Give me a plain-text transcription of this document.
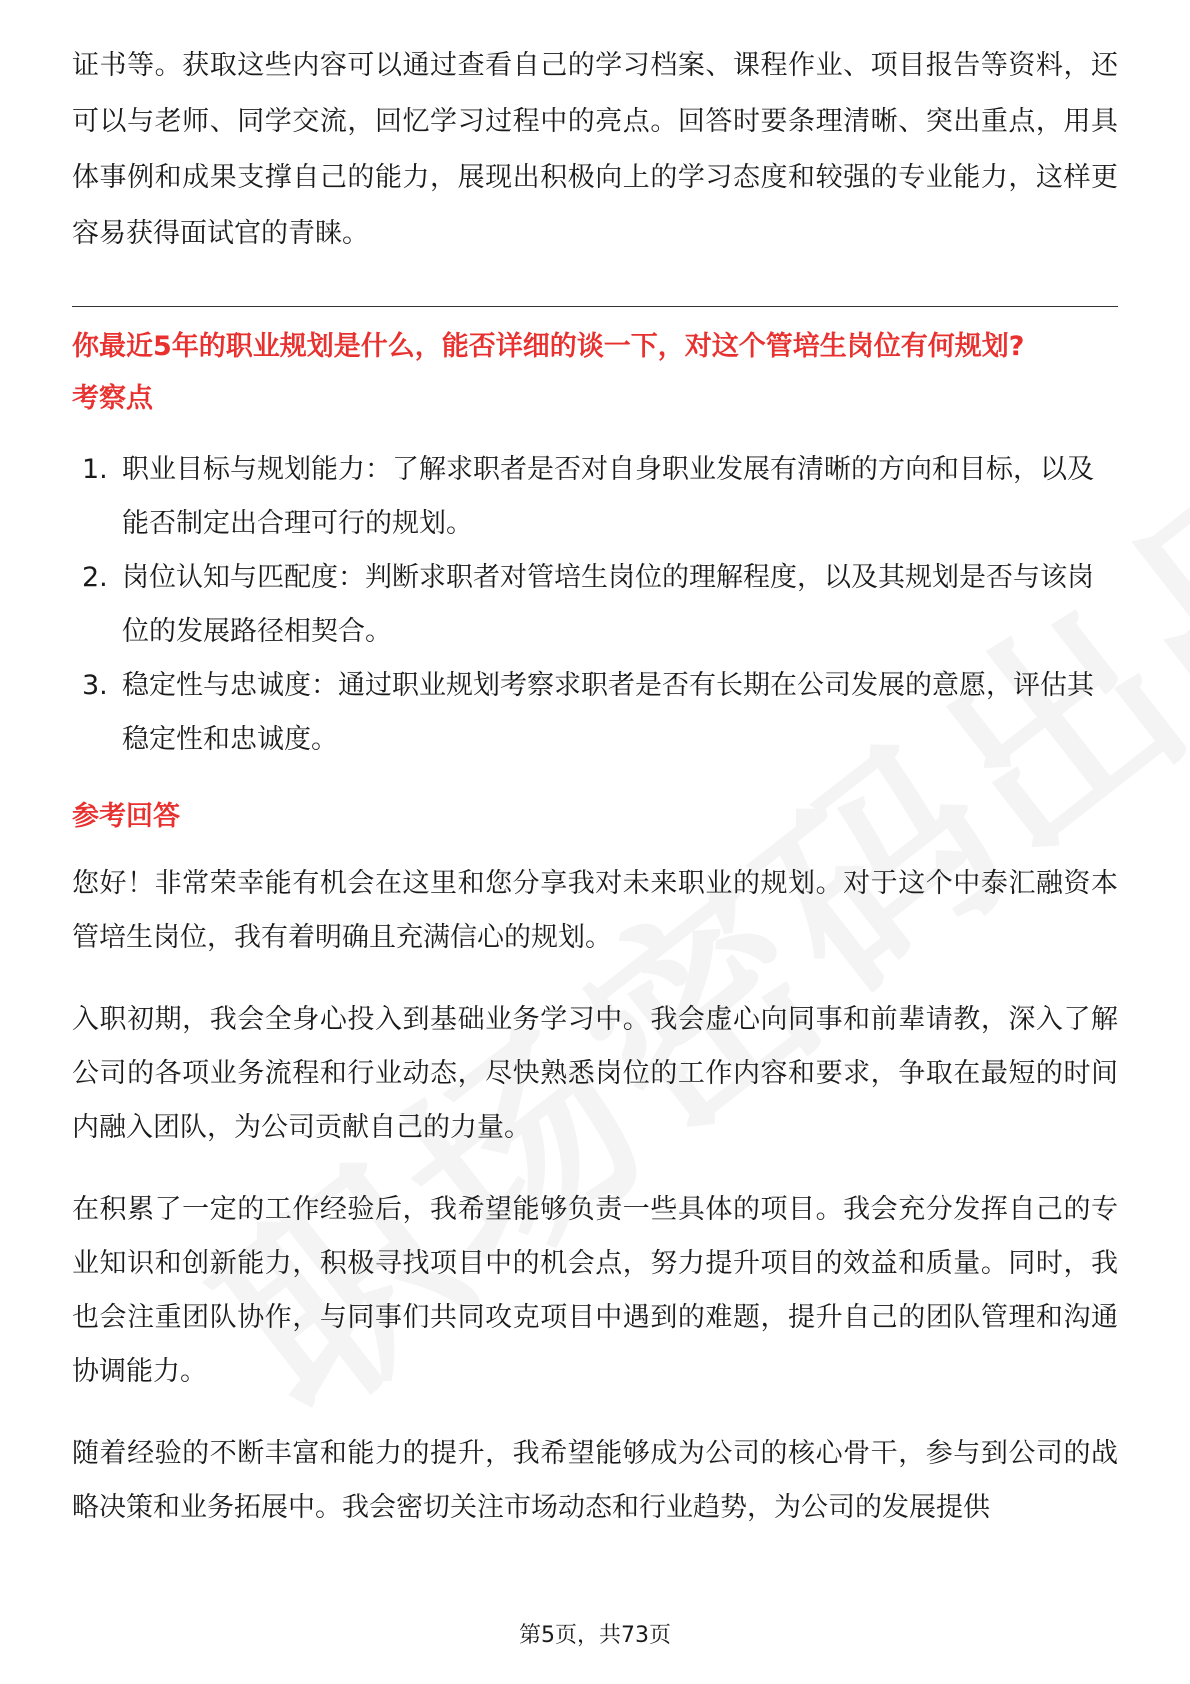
证书等。获取这些内容可以通过查看自己的学习档案、课程作业、项目报告等资料，还可以与老师、同学交流，回忆学习过程中的亮点。回答时要条理清晰、突出重点，用具体事例和成果支撑自己的能力，展现出积极向上的学习态度和较强的专业能力，这样更容易获得面试官的青睐。

你最近5年的职业规划是什么，能否详细的谈一下，对这个管培生岗位有何规划?

考察点

1. 职业目标与规划能力：了解求职者是否对自身职业发展有清晰的方向和目标，以及能否制定出合理可行的规划。
2. 岗位认知与匹配度：判断求职者对管培生岗位的理解程度，以及其规划是否与该岗位的发展路径相契合。
3. 稳定性与忠诚度：通过职业规划考察求职者是否有长期在公司发展的意愿，评估其稳定性和忠诚度。

参考回答

您好！非常荣幸能有机会在这里和您分享我对未来职业的规划。对于这个中泰汇融资本管培生岗位，我有着明确且充满信心的规划。

入职初期，我会全身心投入到基础业务学习中。我会虚心向同事和前辈请教，深入了解公司的各项业务流程和行业动态，尽快熟悉岗位的工作内容和要求，争取在最短的时间内融入团队，为公司贡献自己的力量。

在积累了一定的工作经验后，我希望能够负责一些具体的项目。我会充分发挥自己的专业知识和创新能力，积极寻找项目中的机会点，努力提升项目的效益和质量。同时，我也会注重团队协作，与同事们共同攻克项目中遇到的难题，提升自己的团队管理和沟通协调能力。

随着经验的不断丰富和能力的提升，我希望能够成为公司的核心骨干，参与到公司的战略决策和业务拓展中。我会密切关注市场动态和行业趋势，为公司的发展提供

第5页，共73页
